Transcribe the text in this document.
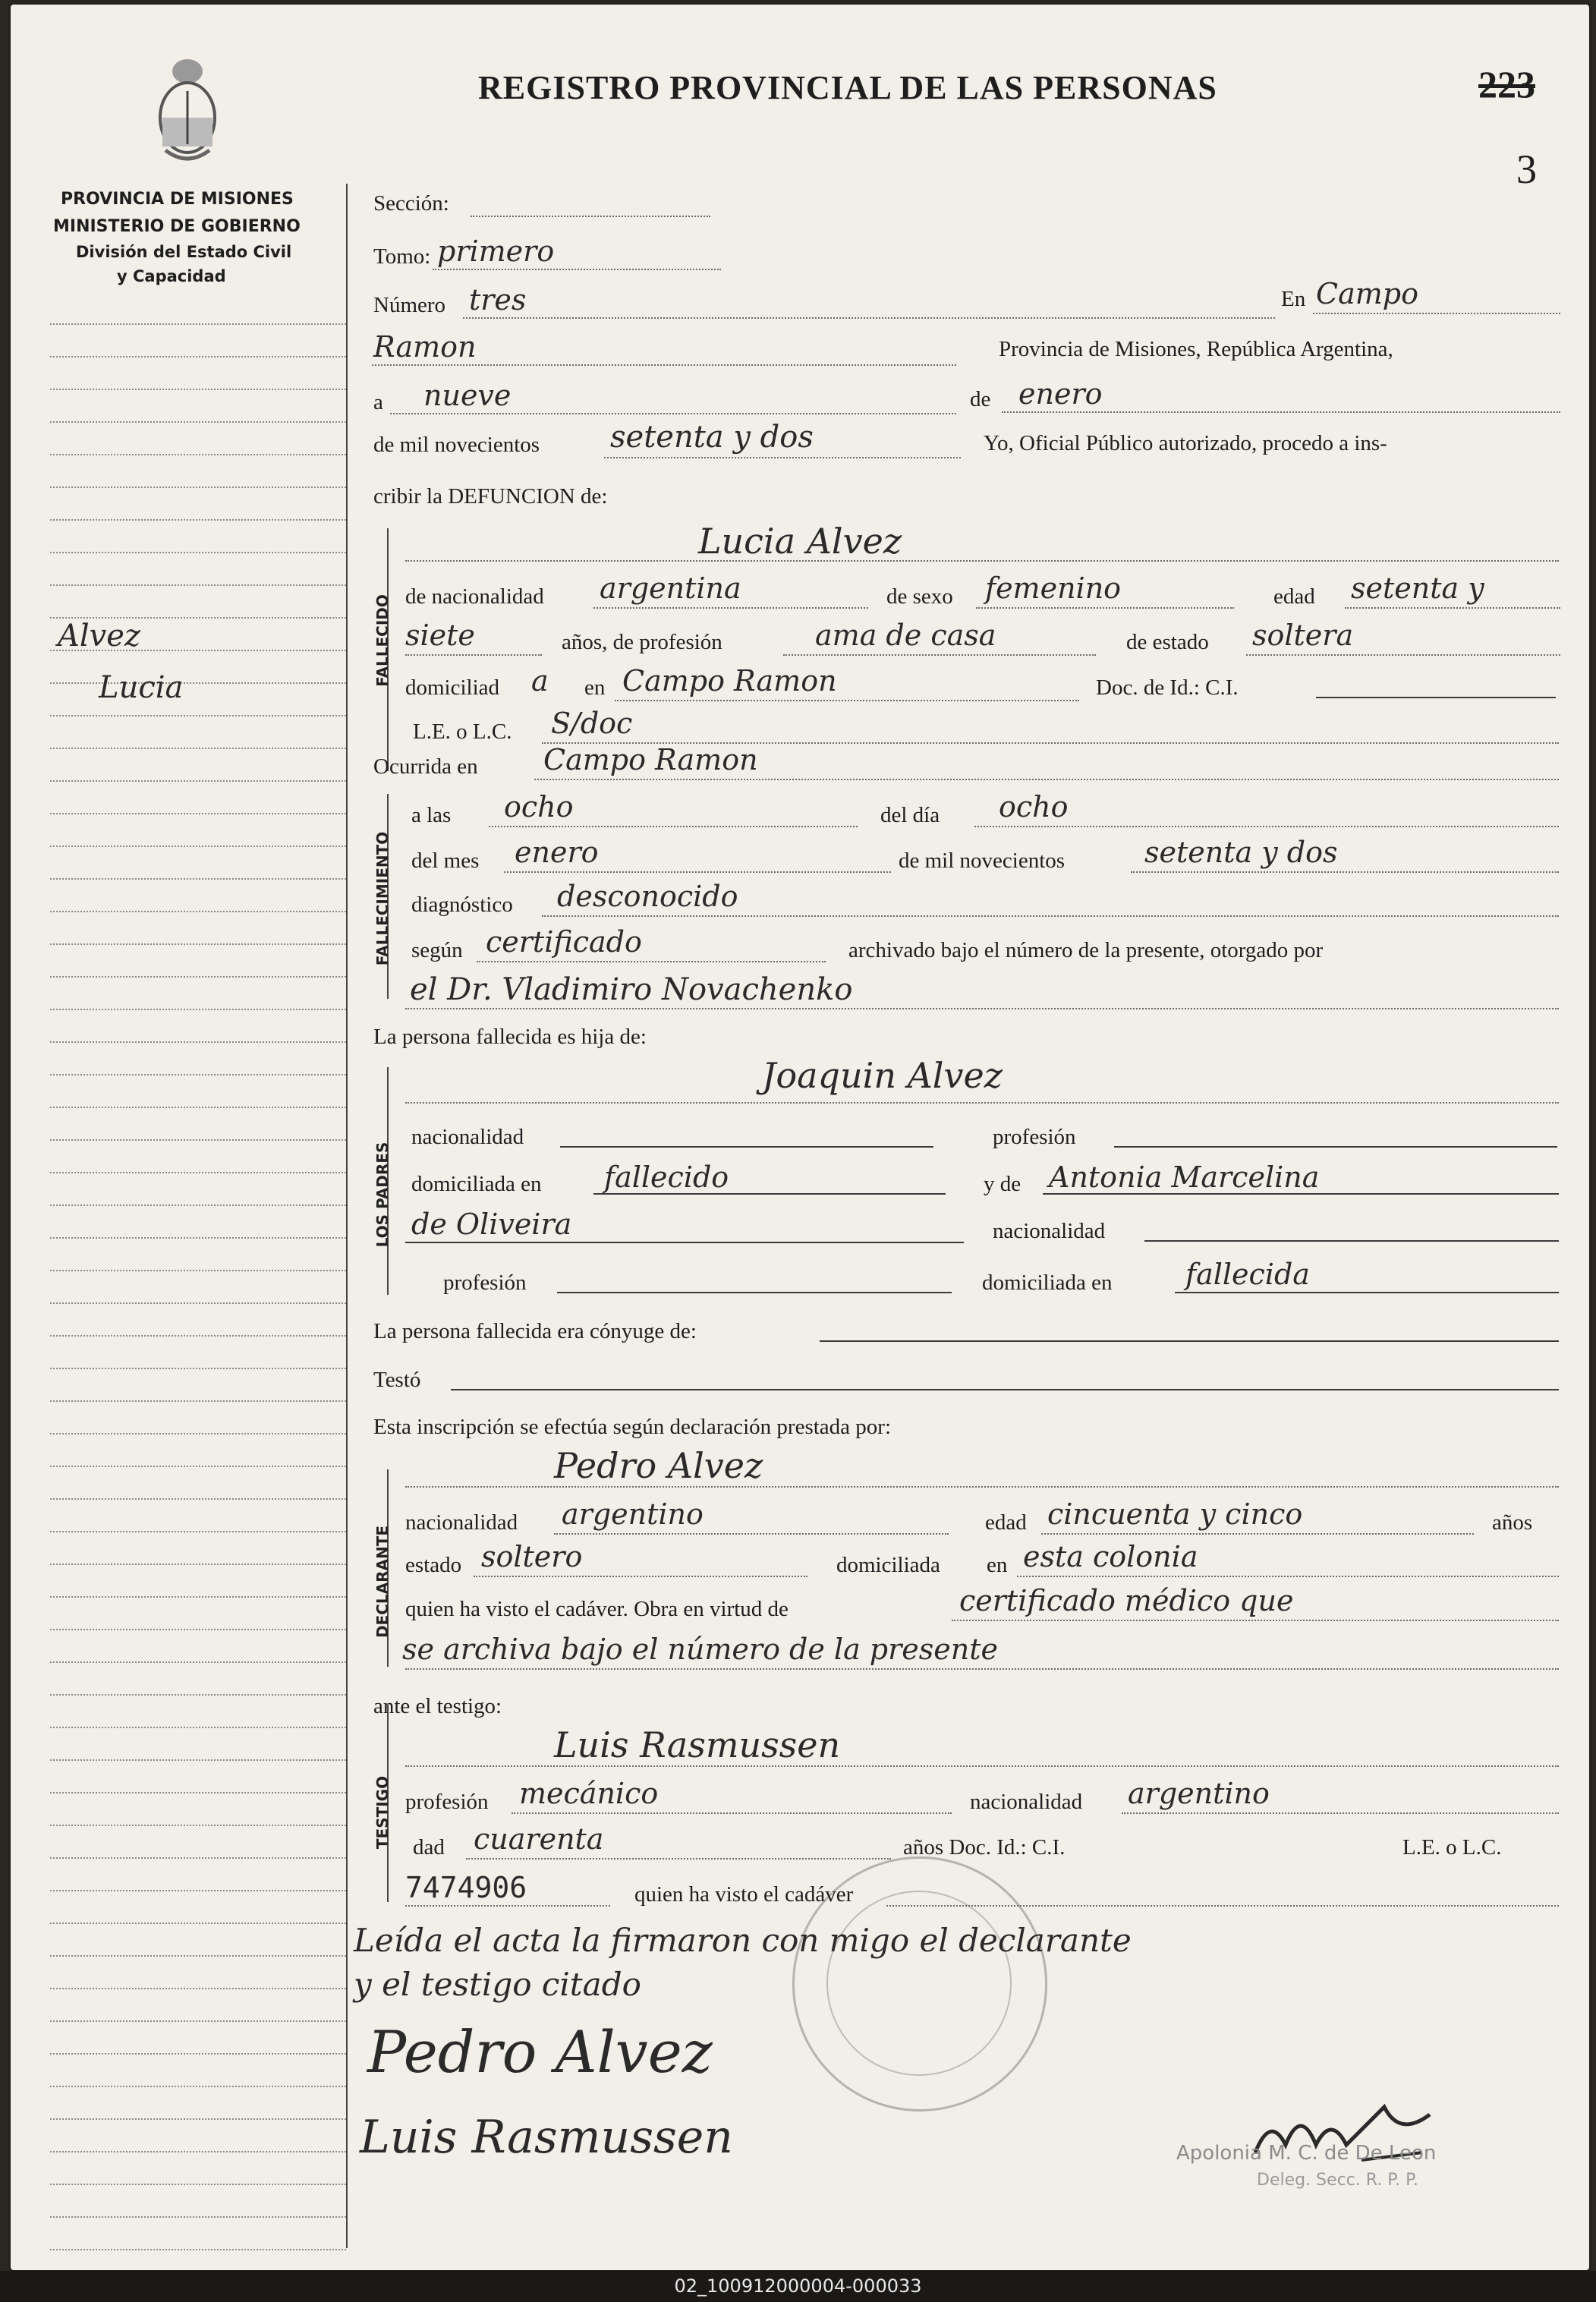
REGISTRO PROVINCIAL DE LAS PERSONAS	223
3
PROVINCIA DE MISIONES
MINISTERIO DE GOBIERNO
División del Estado Civil
y Capacidad
Alvez
Lucia
FALLECIDO
FALLECIMIENTO
LOS PADRES
DECLARANTE
TESTIGO
Sección:
Tomo: primero
Número tres	En Campo
Ramon	Provincia de Misiones, República Argentina,
a nueve	de enero
de mil novecientos setenta y dos	Yo, Oficial Público autorizado, procedo a ins-
cribir la DEFUNCION de:
Lucia Alvez
de nacionalidad argentina	de sexo femenino	edad setenta y
siete	años, de profesión	ama de casa	de estado soltera
domiciliad a en Campo Ramon	Doc. de Id.: C.I.
L.E. o L.C. S/doc
Ocurrida en Campo Ramon
a las ocho	del día ocho
del mes enero	de mil novecientos	setenta y dos
diagnóstico desconocido
según certificado	archivado bajo el número de la presente, otorgado por
el Dr. Vladimiro Novachenko
La persona fallecida es hija de:
Joaquin Alvez
nacionalidad	profesión
domiciliada en fallecido	y de Antonia Marcelina
de Oliveira	nacionalidad
profesión	domiciliada en	fallecida
La persona fallecida era cónyuge de:
Testó
Esta inscripción se efectúa según declaración prestada por:
Pedro Alvez
nacionalidad argentino	edad cincuenta y cinco	años
estado soltero	domiciliada en esta colonia
quien ha visto el cadáver. Obra en virtud de	certificado médico que
se archiva bajo el número de la presente
ante el testigo:
Luis Rasmussen
profesión mecánico	nacionalidad argentino
dad cuarenta	años Doc. Id.: C.I.	L.E. o L.C.
7474906	quien ha visto el cadáver
Leída el acta la firmaron con migo el declarante
y el testigo citado
Pedro Alvez
Luis Rasmussen	Apolonia M. C. de De Leon
Deleg. Secc. R. P. P.
02_100912000004-000033
